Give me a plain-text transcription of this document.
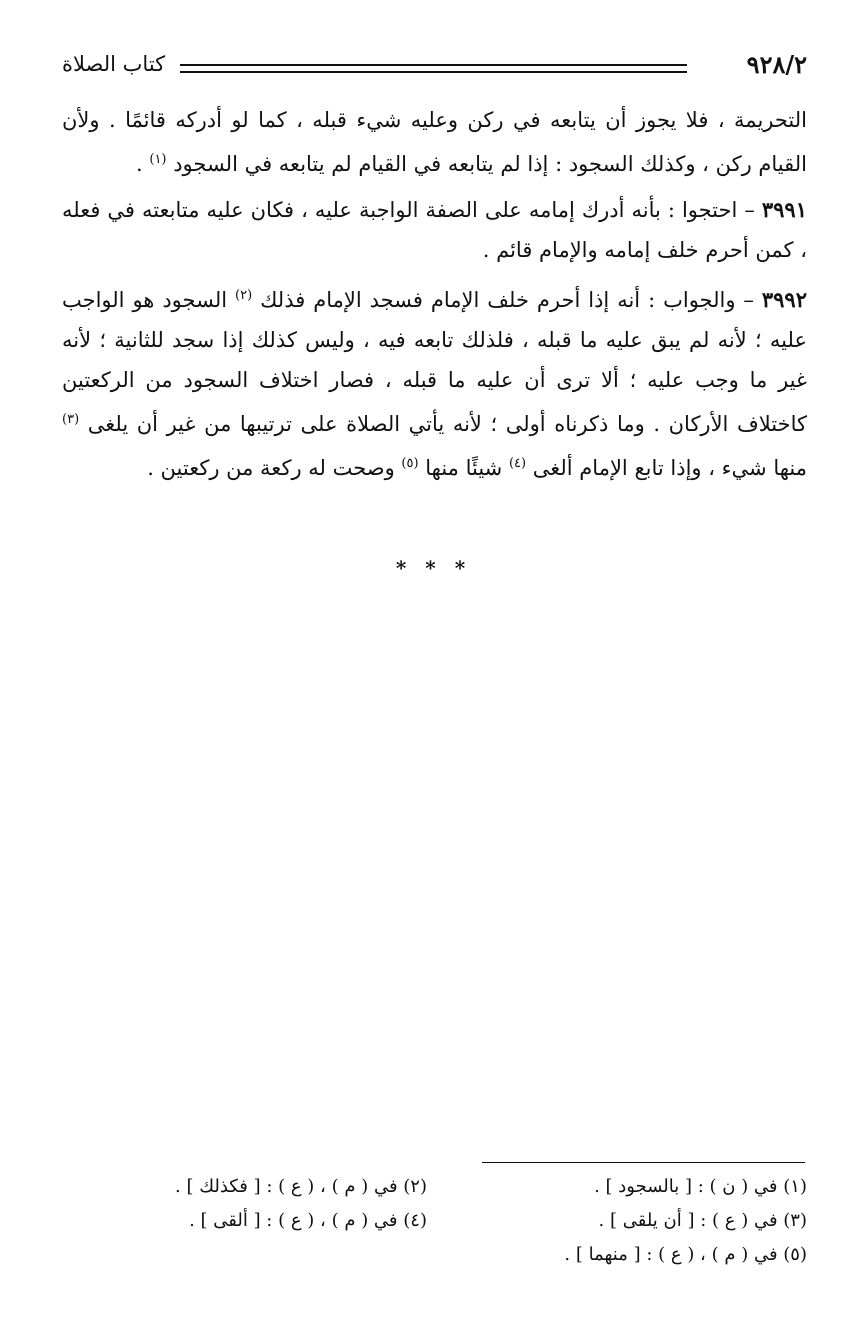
٩٢٨/٢
كتاب الصلاة

التحريمة ، فلا يجوز أن يتابعه في ركن وعليه شيء قبله ، كما لو أدركه قائمًا . ولأن القيام ركن ، وكذلك السجود : إذا لم يتابعه في القيام لم يتابعه في السجود $^{(١)}$ .

٣٩٩١ – احتجوا : بأنه أدرك إمامه على الصفة الواجبة عليه ، فكان عليه متابعته في فعله ، كمن أحرم خلف إمامه والإمام قائم .

٣٩٩٢ – والجواب : أنه إذا أحرم خلف الإمام فسجد الإمام فذلك $^{(٢)}$ السجود هو الواجب عليه ؛ لأنه لم يبق عليه ما قبله ، فلذلك تابعه فيه ، وليس كذلك إذا سجد للثانية ؛ لأنه غير ما وجب عليه ؛ ألا ترى أن عليه ما قبله ، فصار اختلاف السجود من الركعتين كاختلاف الأركان . وما ذكرناه أولى ؛ لأنه يأتي الصلاة على ترتيبها من غير أن يلغى $^{(٣)}$ منها شيء ، وإذا تابع الإمام ألغى $^{(٤)}$ شيئًا منها $^{(٥)}$ وصحت له ركعة من ركعتين .

* * *
(١) في ( ن ) : [ بالسجود ] .
(٢) في ( م ) ، ( ع ) : [ فكذلك ] .
(٣) في ( ع ) : [ أن يلقى ] .
(٤) في ( م ) ، ( ع ) : [ ألقى ] .
(٥) في ( م ) ، ( ع ) : [ منهما ] .
